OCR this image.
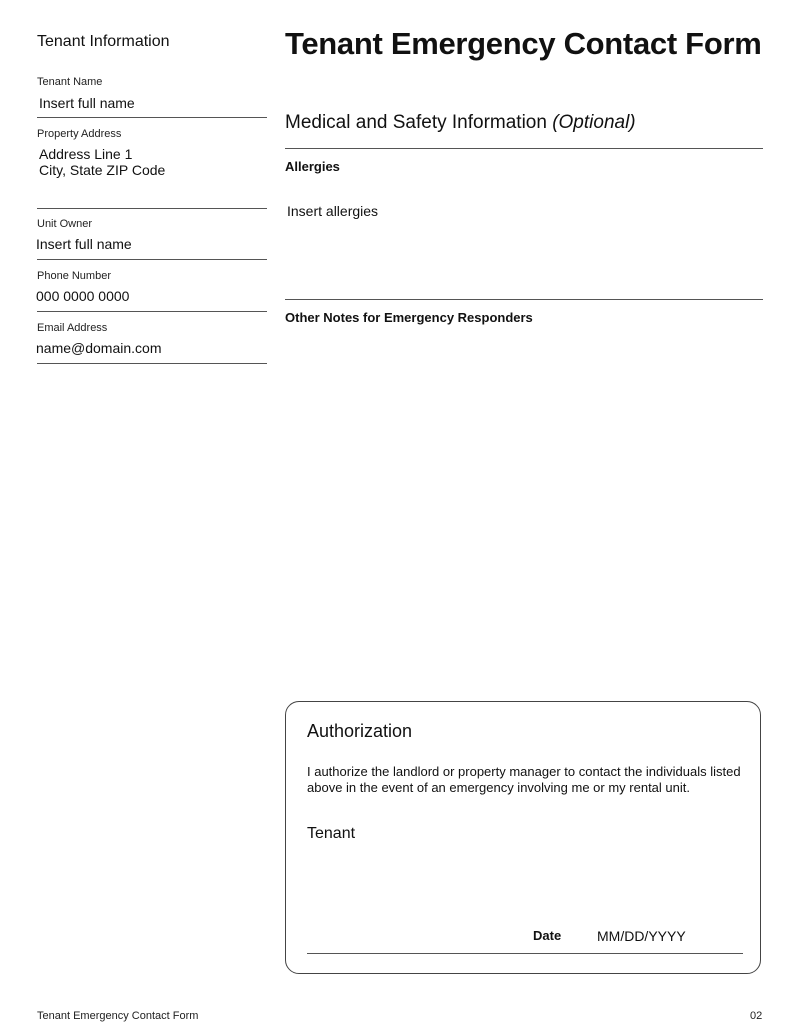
Tenant Information
Tenant Name
Insert full name
Property Address
Address Line 1
City, State ZIP Code
Unit Owner
Insert full name
Phone Number
000 0000 0000
Email Address
name@domain.com
Tenant Emergency Contact Form
Medical and Safety Information (Optional)
Allergies
Insert allergies
Other Notes for Emergency Responders
Authorization
I authorize the landlord or property manager to contact the individuals listed above in the event of an emergency involving me or my rental unit.
Tenant
Date	MM/DD/YYYY
Tenant Emergency Contact Form	02
